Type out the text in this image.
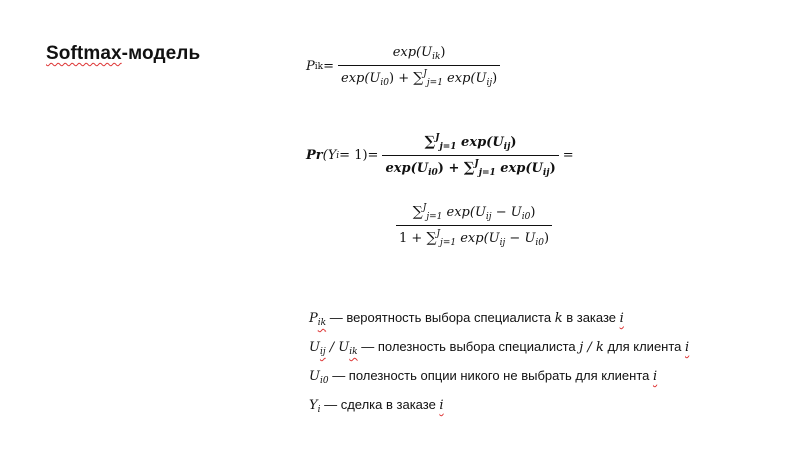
Softmax-модель
P ik = $\frac{\exp(U_{ik})}{\exp(U_{i0}) + \sum^J_{j=1} \exp(U_{ij})}$
Pr (Y $i = 1) = \frac{\sum^J_{j=1} \exp(U_{ij})}{\exp(U_{i0}) + \sum^J_{j=1} \exp(U_{ij})}$ =
$\frac{\sum^J_{j=1} \exp(U_{ij} - U_{i0})}{1 + \sum^J_{j=1} \exp(U_{ij} - U_{i0})}$
$P_{ik}$ — вероятность выбора специалиста k в заказе i
$U_{ij} / U_{ik}$ — полезность выбора специалиста j / k для клиента i
$U_{i0}$ — полезность опции никого не выбрать для клиента i
$Y_i$ — сделка в заказе i
